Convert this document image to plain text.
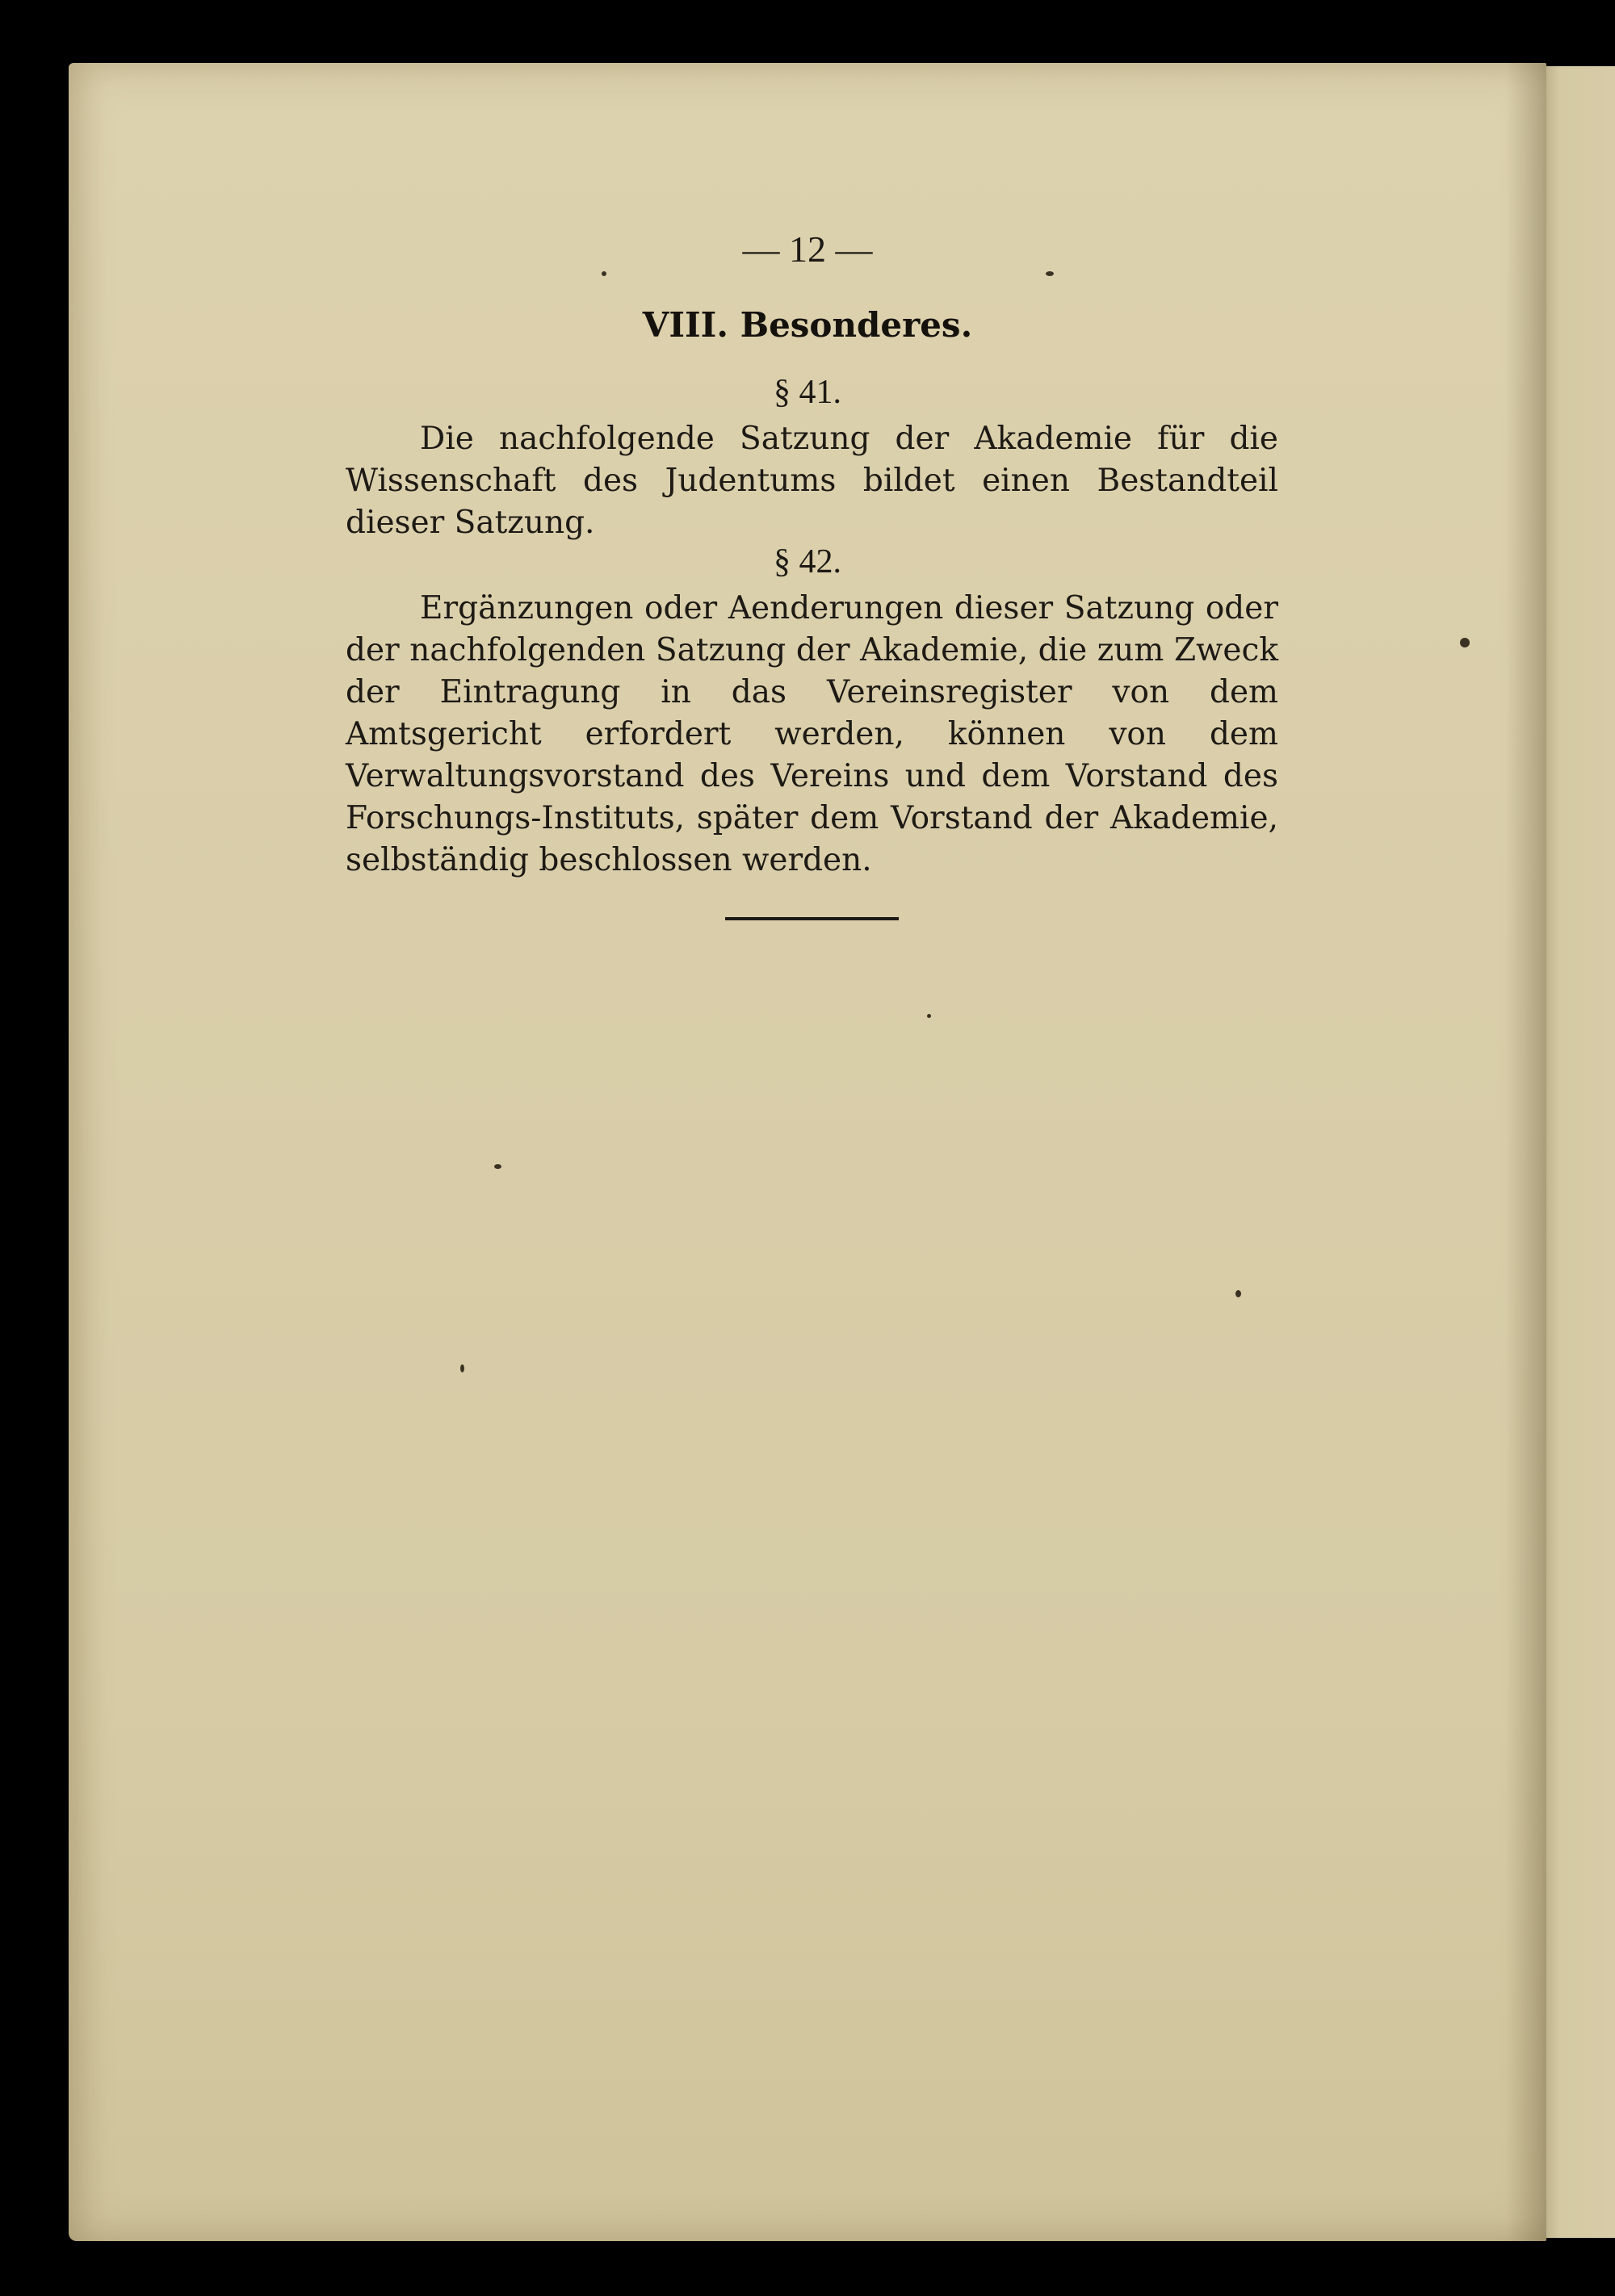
— 12 —
VIII. Besonderes.
§ 41.

Die nachfolgende Satzung der Akademie für die Wissenschaft des Judentums bildet einen Bestandteil dieser Satzung.

§ 42.

Ergänzungen oder Aenderungen dieser Satzung oder der nachfolgenden Satzung der Akademie, die zum Zweck der Eintragung in das Vereinsregister von dem Amtsgericht erfordert werden, können von dem Verwaltungsvorstand des Vereins und dem Vorstand des Forschungs-Instituts, später dem Vorstand der Akademie, selbständig beschlossen werden.
